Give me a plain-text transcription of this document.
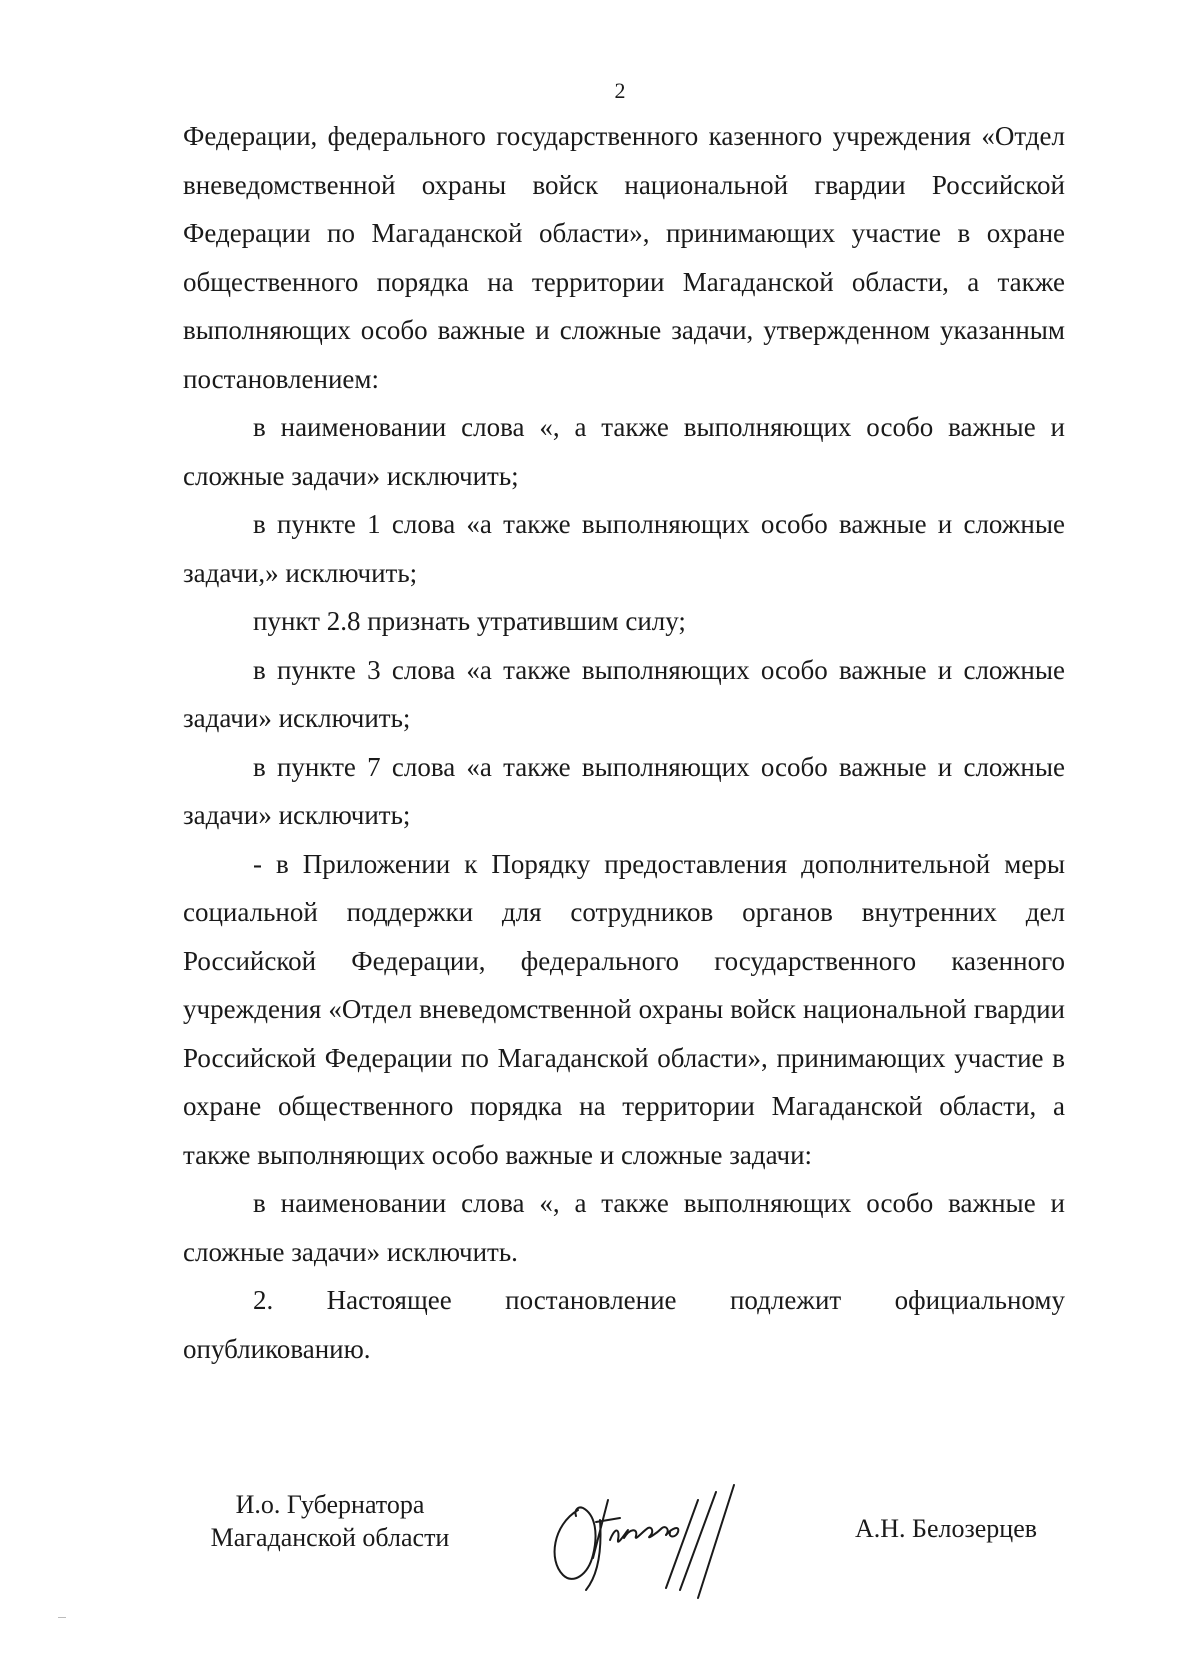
2

Федерации, федерального государственного казенного учреждения «Отдел вневедомственной охраны войск национальной гвардии Российской Федерации по Магаданской области», принимающих участие в охране общественного порядка на территории Магаданской области, а также выполняющих особо важные и сложные задачи, утвержденном указанным постановлением:

в наименовании слова «, а также выполняющих особо важные и сложные задачи» исключить;

в пункте 1 слова «а также выполняющих особо важные и сложные задачи,» исключить;

пункт 2.8 признать утратившим силу;

в пункте 3 слова «а также выполняющих особо важные и сложные задачи» исключить;

в пункте 7 слова «а также выполняющих особо важные и сложные задачи» исключить;

- в Приложении к Порядку предоставления дополнительной меры социальной поддержки для сотрудников органов внутренних дел Российской Федерации, федерального государственного казенного учреждения «Отдел вневедомственной охраны войск национальной гвардии Российской Федерации по Магаданской области», принимающих участие в охране общественного порядка на территории Магаданской области, а также выполняющих особо важные и сложные задачи:

в наименовании слова «, а также выполняющих особо важные и сложные задачи» исключить.

2. Настоящее постановление подлежит официальному опубликованию.

И.о. Губернатора
Магаданской области	А.Н. Белозерцев
